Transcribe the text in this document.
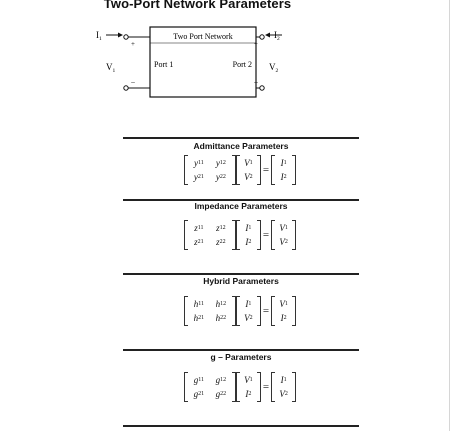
Two-Port Network Parameters
Two Port Network
Port 1	Port 2
$I_1$	$I_2$
$V_1$	$V_2$
+
−
+
−
Admittance Parameters
y 11	y 12
y 21	y 22
V 1
V 2
=
I 1
I 2
Impedance Parameters
z 11	z 12
z 21	z 22
I 1
I 2
=
V 1
V 2
Hybrid Parameters
h 11	h 12
h 21	h 22
I 1
V 2
=
V 1
I 2
g – Parameters
g 11	g 12
g 21	g 22
V 1
I 2
=
I 1
V 2
